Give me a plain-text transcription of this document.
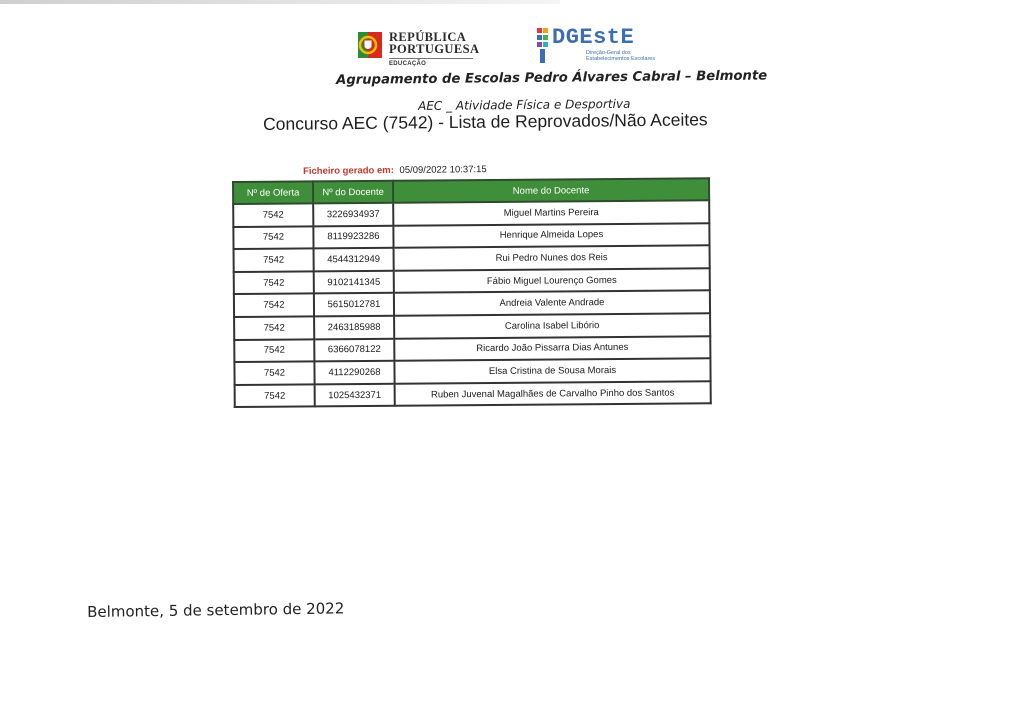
REPÚBLICA
PORTUGUESA
EDUCAÇÃO
DGEstE
Direção-Geral dos
Estabelecimentos Escolares
Agrupamento de Escolas Pedro Álvares Cabral – Belmonte
AEC _ Atividade Física e Desportiva
Concurso AEC (7542) - Lista de Reprovados/Não Aceites
Ficheiro gerado em: 05/09/2022 10:37:15
Nº de Oferta	Nº do Docente	Nome do Docente
7542	3226934937	Miguel Martins Pereira
7542	8119923286	Henrique Almeida Lopes
7542	4544312949	Rui Pedro Nunes dos Reis
7542	9102141345	Fábio Miguel Lourenço Gomes
7542	5615012781	Andreia Valente Andrade
7542	2463185988	Carolina Isabel Libório
7542	6366078122	Ricardo João Pissarra Dias Antunes
7542	4112290268	Elsa Cristina de Sousa Morais
7542	1025432371	Ruben Juvenal Magalhães de Carvalho Pinho dos Santos
Belmonte, 5 de setembro de 2022
